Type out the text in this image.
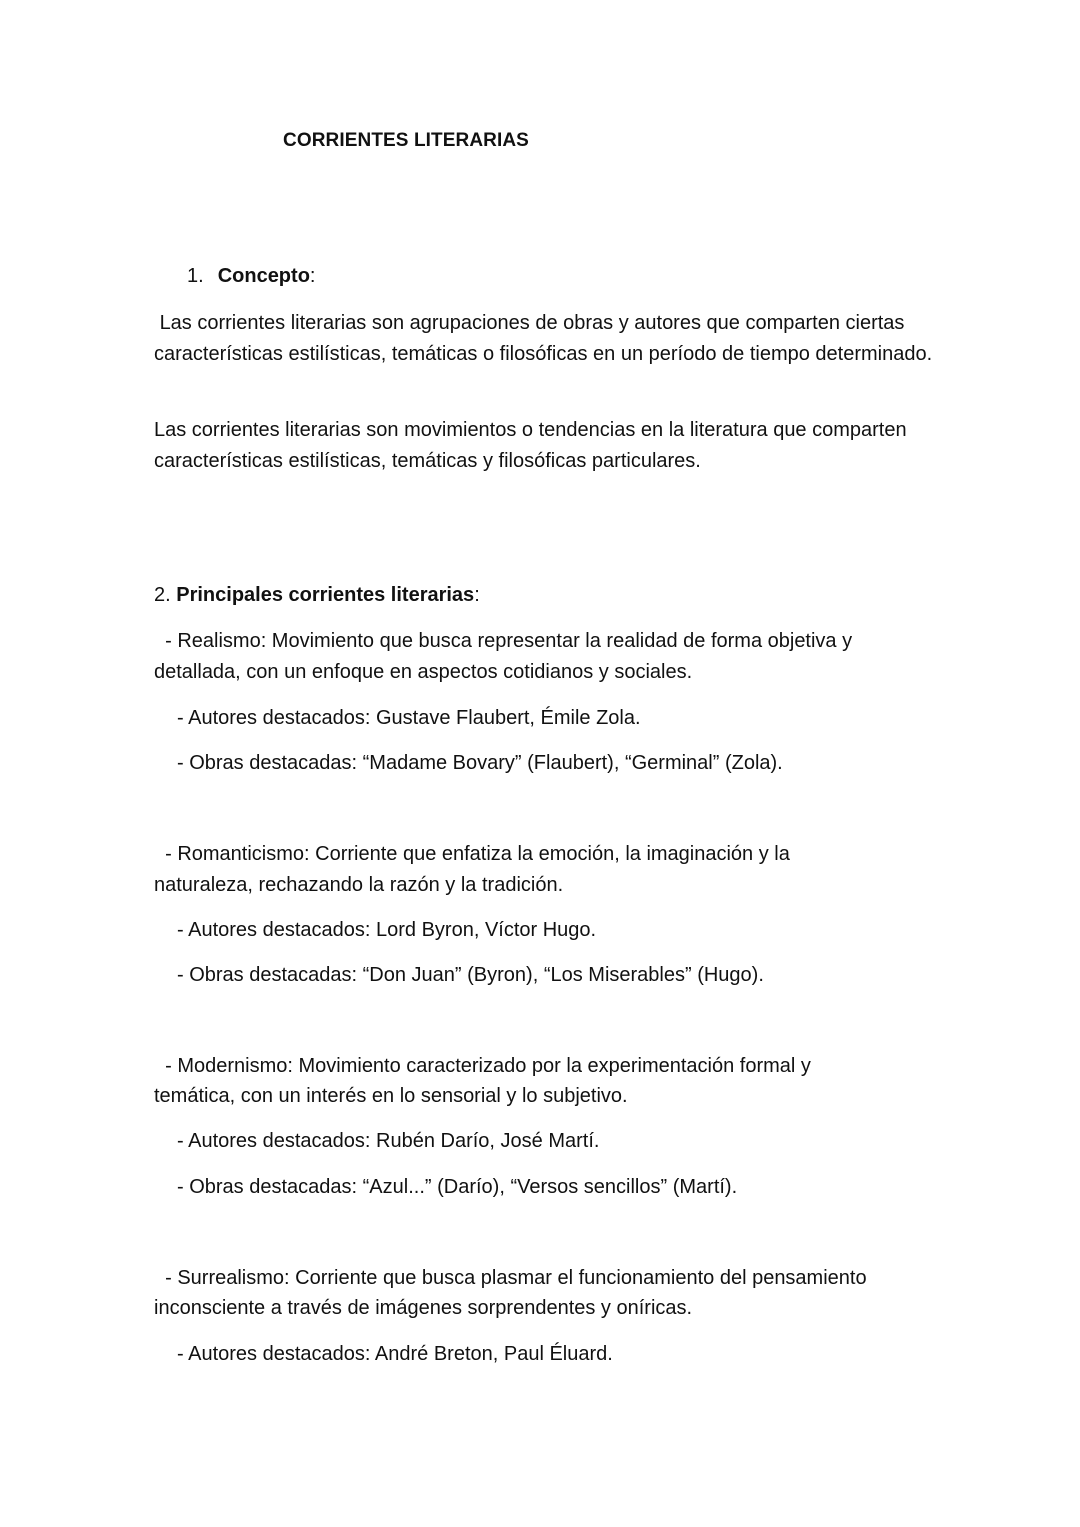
CORRIENTES LITERARIAS
1. Concepto:
Las corrientes literarias son agrupaciones de obras y autores que comparten ciertas características estilísticas, temáticas o filosóficas en un período de tiempo determinado.
Las corrientes literarias son movimientos o tendencias en la literatura que comparten características estilísticas, temáticas y filosóficas particulares.
2. Principales corrientes literarias:
- Realismo: Movimiento que busca representar la realidad de forma objetiva y
detallada, con un enfoque en aspectos cotidianos y sociales.
- Autores destacados: Gustave Flaubert, Émile Zola.
- Obras destacadas: “Madame Bovary” (Flaubert), “Germinal” (Zola).
- Romanticismo: Corriente que enfatiza la emoción, la imaginación y la
naturaleza, rechazando la razón y la tradición.
- Autores destacados: Lord Byron, Víctor Hugo.
- Obras destacadas: “Don Juan” (Byron), “Los Miserables” (Hugo).
- Modernismo: Movimiento caracterizado por la experimentación formal y
temática, con un interés en lo sensorial y lo subjetivo.
- Autores destacados: Rubén Darío, José Martí.
- Obras destacadas: “Azul...” (Darío), “Versos sencillos” (Martí).
- Surrealismo: Corriente que busca plasmar el funcionamiento del pensamiento
inconsciente a través de imágenes sorprendentes y oníricas.
- Autores destacados: André Breton, Paul Éluard.
